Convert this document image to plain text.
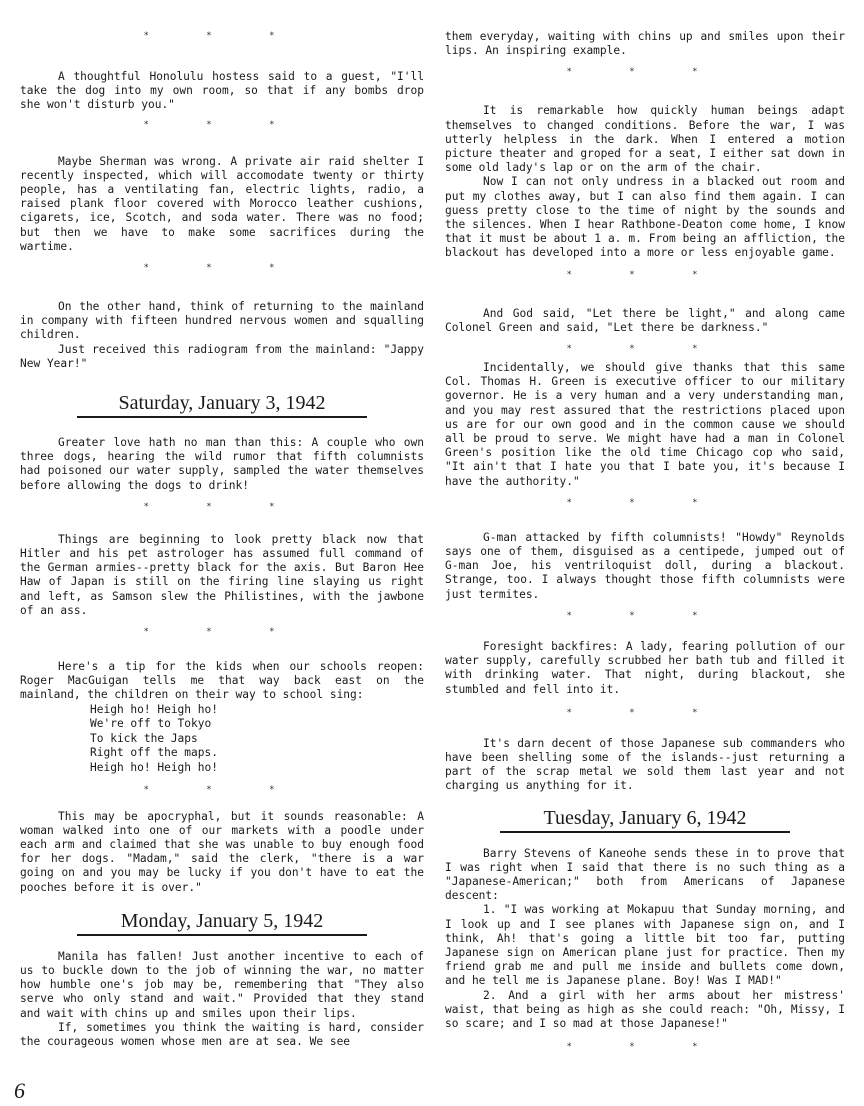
* * *

A thoughtful Honolulu hostess said to a guest, "I'll take the dog into my own room, so that if any bombs drop she won't disturb you."

* * *

Maybe Sherman was wrong. A private air raid shelter I recently inspected, which will accomodate twenty or thirty people, has a ventilating fan, electric lights, radio, a raised plank floor covered with Morocco leather cushions, cigarets, ice, Scotch, and soda water. There was no food; but then we have to make some sacrifices during the wartime.

* * *

On the other hand, think of returning to the mainland in company with fifteen hundred nervous women and squalling children.

Just received this radiogram from the mainland: "Jappy New Year!"

Saturday, January 3, 1942

Greater love hath no man than this: A couple who own three dogs, hearing the wild rumor that fifth columnists had poisoned our water supply, sampled the water themselves before allowing the dogs to drink!

* * *

Things are beginning to look pretty black now that Hitler and his pet astrologer has assumed full command of the German armies--pretty black for the axis. But Baron Hee Haw of Japan is still on the firing line slaying us right and left, as Samson slew the Philistines, with the jawbone of an ass.

* * *

Here's a tip for the kids when our schools reopen: Roger MacGuigan tells me that way back east on the mainland, the children on their way to school sing:

Heigh ho! Heigh ho!
We're off to Tokyo
To kick the Japs
Right off the maps.
Heigh ho! Heigh ho!
* * *

This may be apocryphal, but it sounds reasonable: A woman walked into one of our markets with a poodle under each arm and claimed that she was unable to buy enough food for her dogs. "Madam," said the clerk, "there is a war going on and you may be lucky if you don't have to eat the pooches before it is over."

Monday, January 5, 1942

Manila has fallen! Just another incentive to each of us to buckle down to the job of winning the war, no matter how humble one's job may be, remembering that "They also serve who only stand and wait." Provided that they stand and wait with chins up and smiles upon their lips.

If, sometimes you think the waiting is hard, consider the courageous women whose men are at sea. We see

them everyday, waiting with chins up and smiles upon their lips. An inspiring example.

* * *

It is remarkable how quickly human beings adapt themselves to changed conditions. Before the war, I was utterly helpless in the dark. When I entered a motion picture theater and groped for a seat, I either sat down in some old lady's lap or on the arm of the chair.

Now I can not only undress in a blacked out room and put my clothes away, but I can also find them again. I can guess pretty close to the time of night by the sounds and the silences. When I hear Rathbone-Deaton come home, I know that it must be about 1 a. m. From being an affliction, the blackout has developed into a more or less enjoyable game.

* * *

And God said, "Let there be light," and along came Colonel Green and said, "Let there be darkness."

* * *

Incidentally, we should give thanks that this same Col. Thomas H. Green is executive officer to our military governor. He is a very human and a very understanding man, and you may rest assured that the restrictions placed upon us are for our own good and in the common cause we should all be proud to serve. We might have had a man in Colonel Green's position like the old time Chicago cop who said, "It ain't that I hate you that I bate you, it's because I have the authority."

* * *

G-man attacked by fifth columnists! "Howdy" Reynolds says one of them, disguised as a centipede, jumped out of G-man Joe, his ventriloquist doll, during a blackout. Strange, too. I always thought those fifth columnists were just termites.

* * *

Foresight backfires: A lady, fearing pollution of our water supply, carefully scrubbed her bath tub and filled it with drinking water. That night, during blackout, she stumbled and fell into it.

* * *

It's darn decent of those Japanese sub commanders who have been shelling some of the islands--just returning a part of the scrap metal we sold them last year and not charging us anything for it.

Tuesday, January 6, 1942

Barry Stevens of Kaneohe sends these in to prove that I was right when I said that there is no such thing as a "Japanese-American;" both from Americans of Japanese descent:

1. "I was working at Mokapuu that Sunday morning, and I look up and I see planes with Japanese sign on, and I think, Ah! that's going a little bit too far, putting Japanese sign on American plane just for practice. Then my friend grab me and pull me inside and bullets come down, and he tell me is Japanese plane. Boy! Was I MAD!"

2. And a girl with her arms about her mistress' waist, that being as high as she could reach: "Oh, Missy, I so scare; and I so mad at those Japanese!"

* * *
6
